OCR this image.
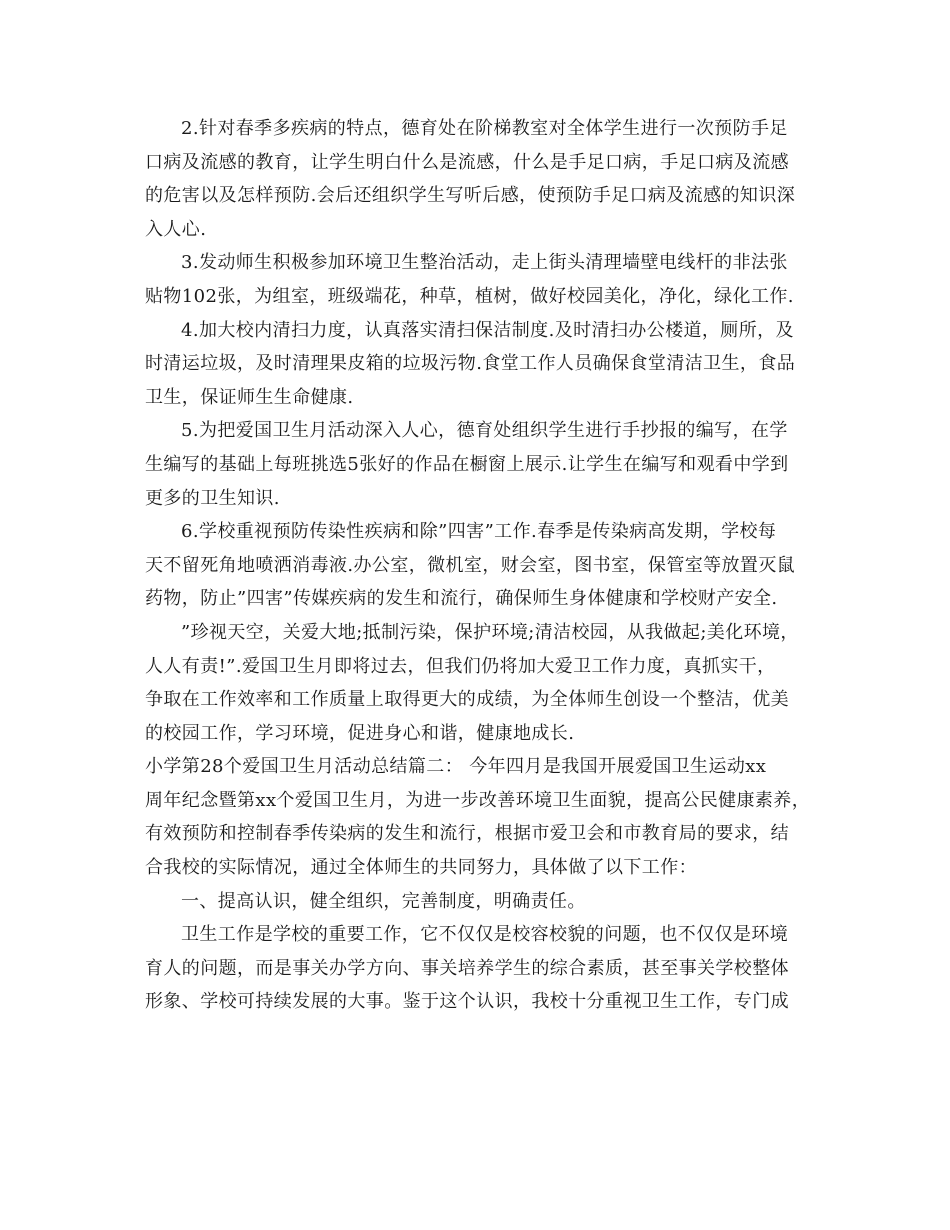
2.针对春季多疾病的特点，德育处在阶梯教室对全体学生进行一次预防手足
口病及流感的教育，让学生明白什么是流感，什么是手足口病，手足口病及流感
的危害以及怎样预防.会后还组织学生写听后感，使预防手足口病及流感的知识深
入人心.
3.发动师生积极参加环境卫生整治活动，走上街头清理墙壁电线杆的非法张
贴物102张，为组室，班级端花，种草，植树，做好校园美化，净化，绿化工作.
4.加大校内清扫力度，认真落实清扫保洁制度.及时清扫办公楼道，厕所，及
时清运垃圾，及时清理果皮箱的垃圾污物.食堂工作人员确保食堂清洁卫生，食品
卫生，保证师生生命健康.
5.为把爱国卫生月活动深入人心，德育处组织学生进行手抄报的编写，在学
生编写的基础上每班挑选5张好的作品在橱窗上展示.让学生在编写和观看中学到
更多的卫生知识.
6.学校重视预防传染性疾病和除”四害”工作.春季是传染病高发期，学校每
天不留死角地喷洒消毒液.办公室，微机室，财会室，图书室，保管室等放置灭鼠
药物，防止”四害”传媒疾病的发生和流行，确保师生身体健康和学校财产安全.
”珍视天空，关爱大地;抵制污染，保护环境;清洁校园，从我做起;美化环境，
人人有责!”.爱国卫生月即将过去，但我们仍将加大爱卫工作力度，真抓实干，
争取在工作效率和工作质量上取得更大的成绩，为全体师生创设一个整洁，优美
的校园工作，学习环境，促进身心和谐，健康地成长.
小学第28个爱国卫生月活动总结篇二： 今年四月是我国开展爱国卫生运动xx
周年纪念暨第xx个爱国卫生月，为进一步改善环境卫生面貌，提高公民健康素养，
有效预防和控制春季传染病的发生和流行，根据市爱卫会和市教育局的要求，结
合我校的实际情况，通过全体师生的共同努力，具体做了以下工作：
一、提高认识，健全组织，完善制度，明确责任。
卫生工作是学校的重要工作，它不仅仅是校容校貌的问题，也不仅仅是环境
育人的问题，而是事关办学方向、事关培养学生的综合素质，甚至事关学校整体
形象、学校可持续发展的大事。鉴于这个认识，我校十分重视卫生工作，专门成
